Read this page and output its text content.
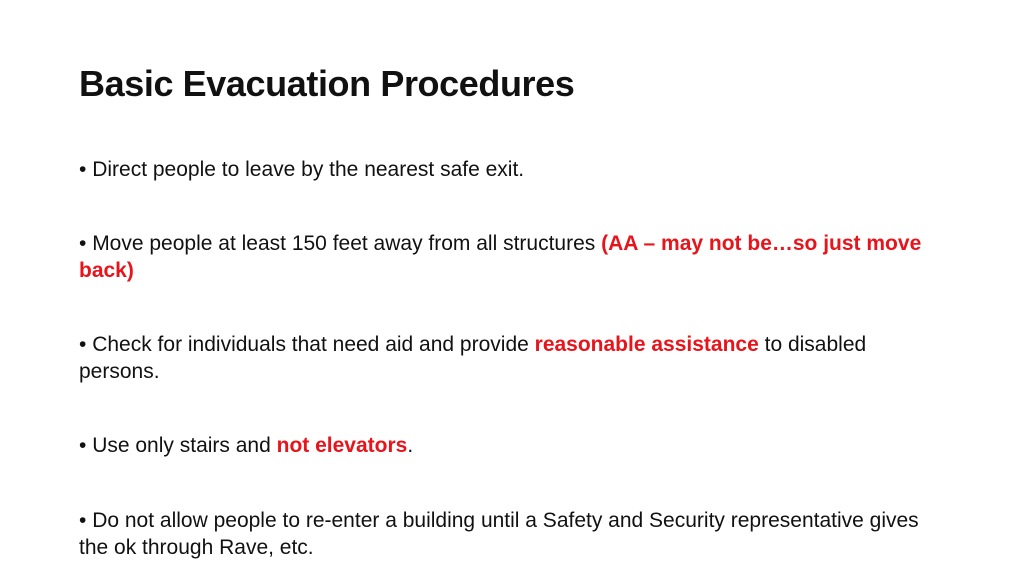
Basic Evacuation Procedures
• Direct people to leave by the nearest safe exit.
• Move people at least 150 feet away from all structures (AA – may not be…so just move back)
• Check for individuals that need aid and provide reasonable assistance to disabled persons.
• Use only stairs and not elevators.
• Do not allow people to re-enter a building until a Safety and Security representative gives the ok through Rave, etc.
